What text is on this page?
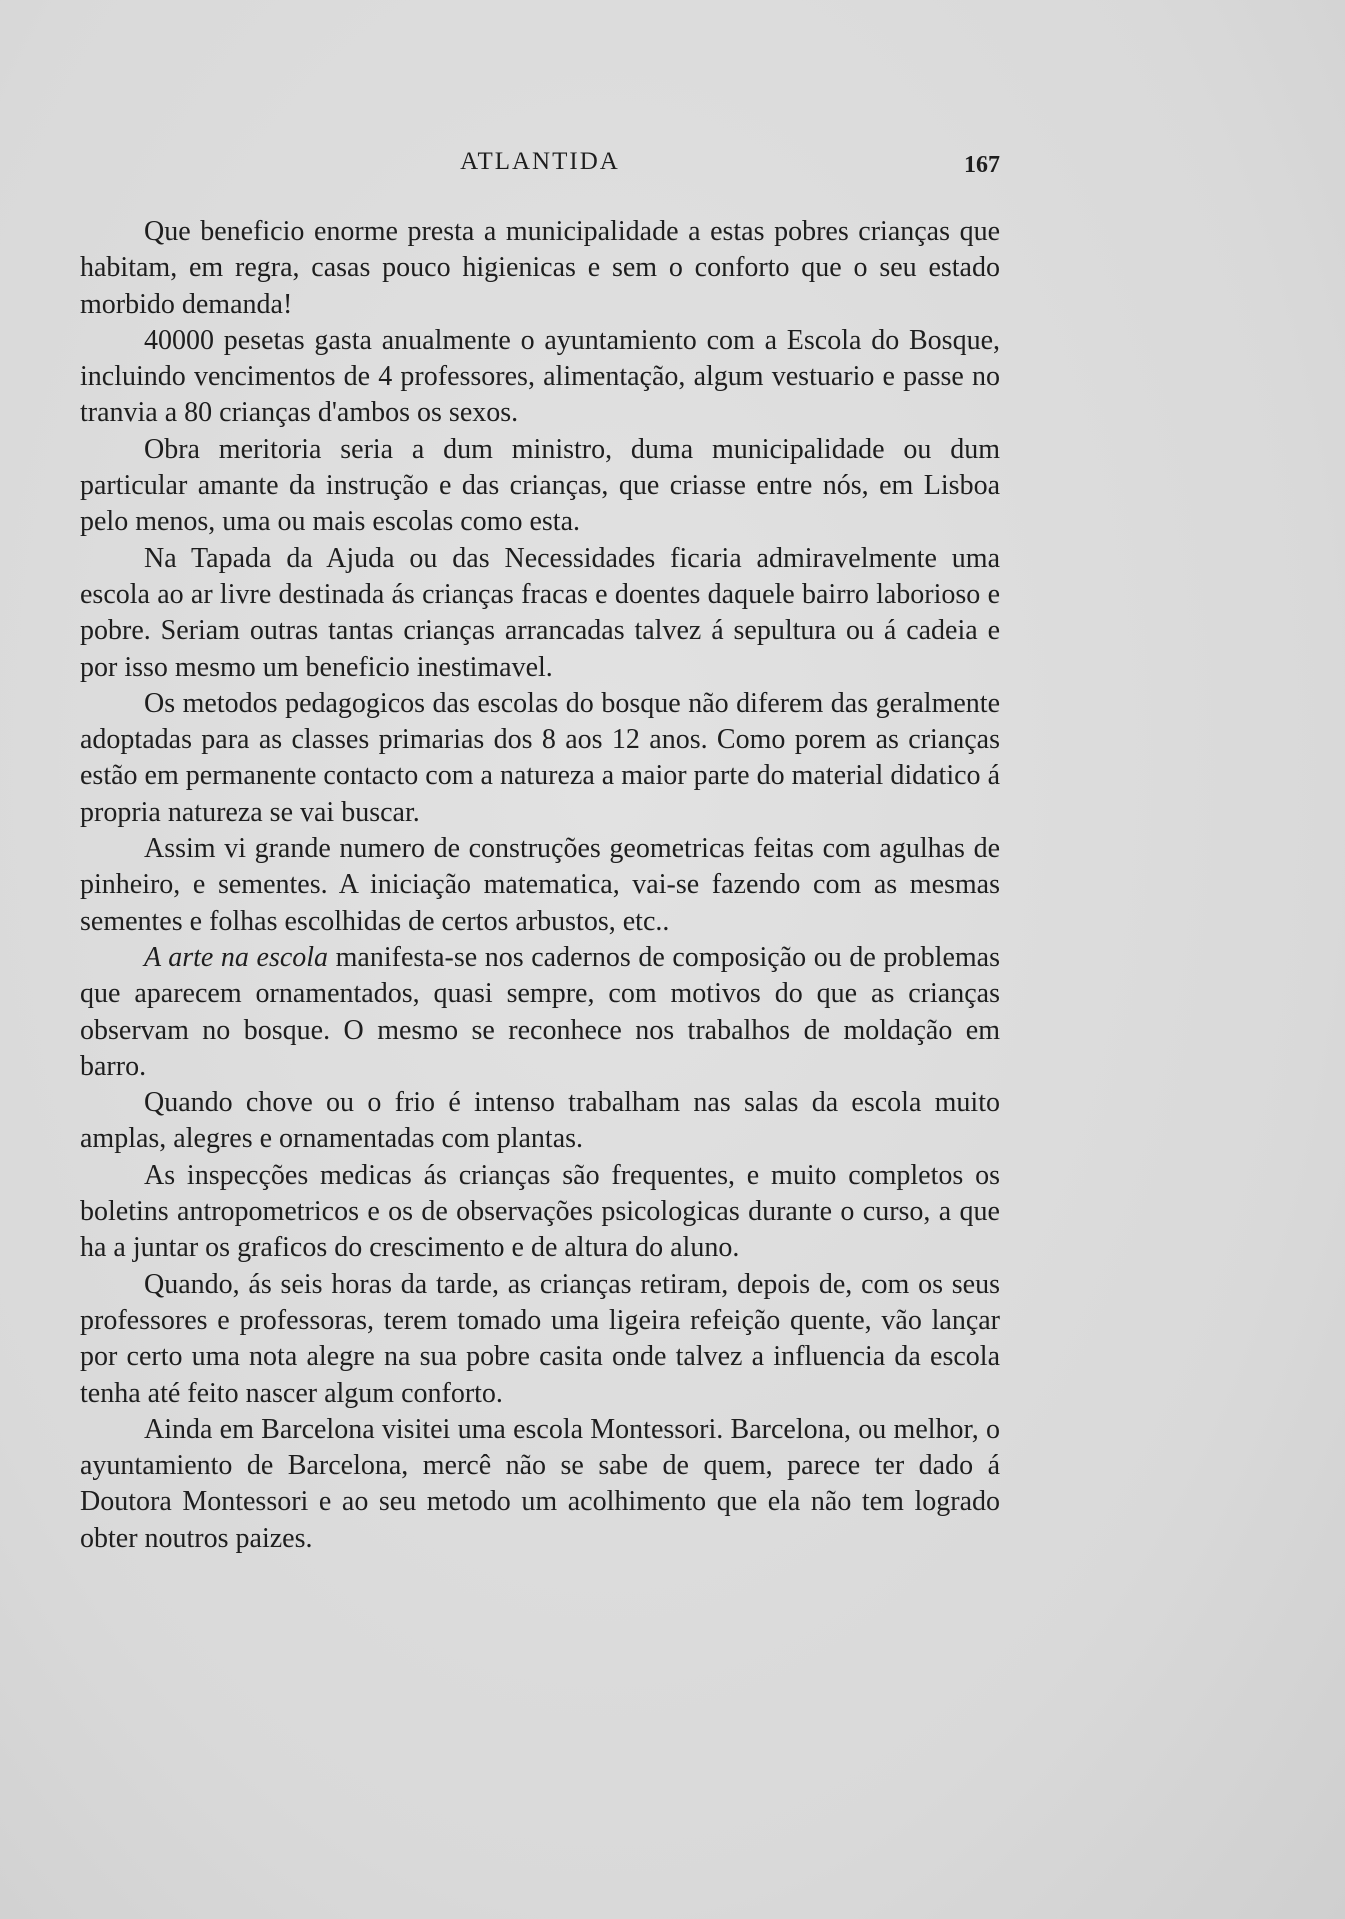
ATLANTIDA	167

Que beneficio enorme presta a municipalidade a estas pobres crianças que habitam, em regra, casas pouco higienicas e sem o conforto que o seu estado morbido demanda!

40000 pesetas gasta anualmente o ayuntamiento com a Escola do Bosque, incluindo vencimentos de 4 professores, alimentação, algum vestuario e passe no tranvia a 80 crianças d'ambos os sexos.

Obra meritoria seria a dum ministro, duma municipalidade ou dum particular amante da instrução e das crianças, que criasse entre nós, em Lisboa pelo menos, uma ou mais escolas como esta.

Na Tapada da Ajuda ou das Necessidades ficaria admiravelmente uma escola ao ar livre destinada ás crianças fracas e doentes daquele bairro laborioso e pobre. Seriam outras tantas crianças arrancadas talvez á sepultura ou á cadeia e por isso mesmo um beneficio inestimavel.

Os metodos pedagogicos das escolas do bosque não diferem das geralmente adoptadas para as classes primarias dos 8 aos 12 anos. Como porem as crianças estão em permanente contacto com a natureza a maior parte do material didatico á propria natureza se vai buscar.

Assim vi grande numero de construções geometricas feitas com agulhas de pinheiro, e sementes. A iniciação matematica, vai-se fazendo com as mesmas sementes e folhas escolhidas de certos arbustos, etc..

A arte na escola manifesta-se nos cadernos de composição ou de problemas que aparecem ornamentados, quasi sempre, com motivos do que as crianças observam no bosque. O mesmo se reconhece nos trabalhos de moldação em barro.

Quando chove ou o frio é intenso trabalham nas salas da escola muito amplas, alegres e ornamentadas com plantas.

As inspecções medicas ás crianças são frequentes, e muito completos os boletins antropometricos e os de observações psicologicas durante o curso, a que ha a juntar os graficos do crescimento e de altura do aluno.

Quando, ás seis horas da tarde, as crianças retiram, depois de, com os seus professores e professoras, terem tomado uma ligeira refeição quente, vão lançar por certo uma nota alegre na sua pobre casita onde talvez a influencia da escola tenha até feito nascer algum conforto.

Ainda em Barcelona visitei uma escola Montessori. Barcelona, ou melhor, o ayuntamiento de Barcelona, mercê não se sabe de quem, parece ter dado á Doutora Montessori e ao seu metodo um acolhimento que ela não tem logrado obter noutros paizes.
